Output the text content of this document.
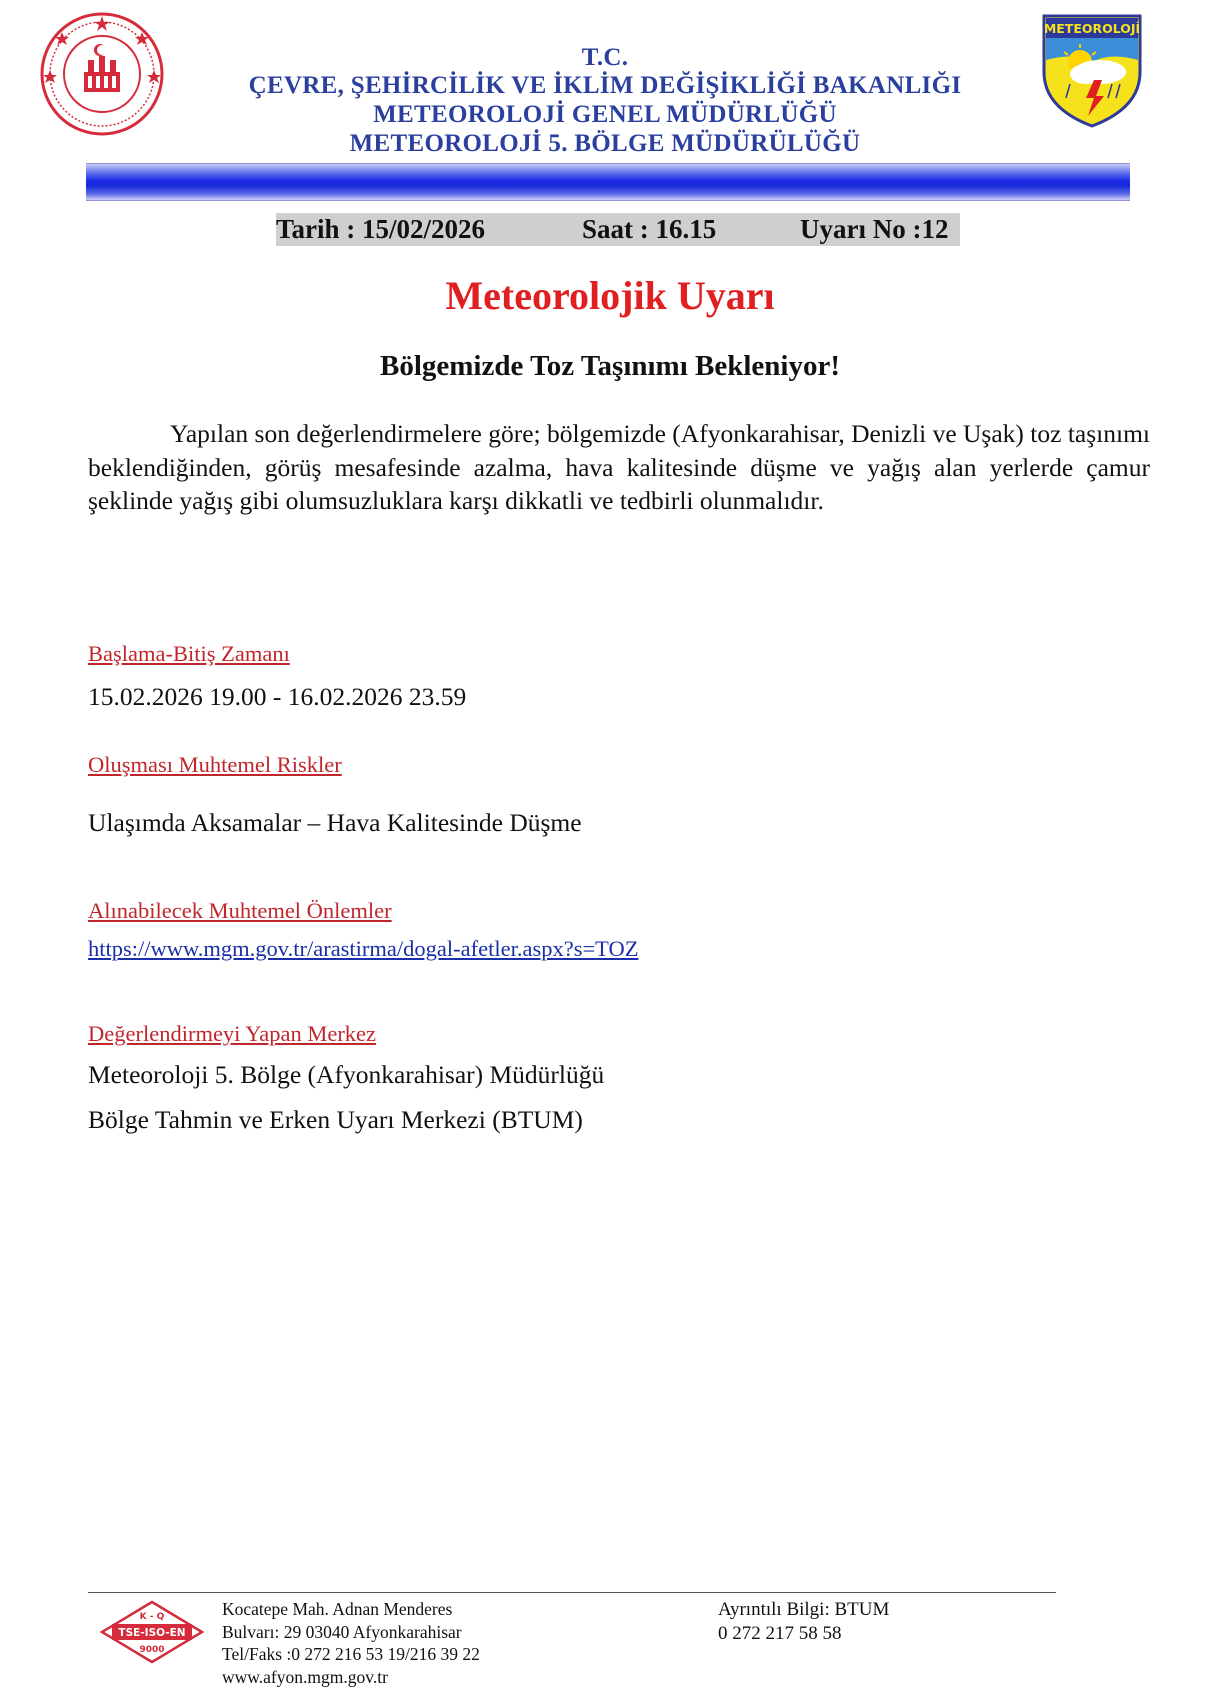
METEOROLOJİ
T.C.
ÇEVRE, ŞEHİRCİLİK VE İKLİM DEĞİŞİKLİĞİ BAKANLIĞI
METEOROLOJİ GENEL MÜDÜRLÜĞÜ
METEOROLOJİ 5. BÖLGE MÜDÜRÜLÜĞÜ
Tarih : 15/02/2026	Saat : 16.15	Uyarı No :12
Meteorolojik Uyarı
Bölgemizde Toz Taşınımı Bekleniyor!
Yapılan son değerlendirmelere göre; bölgemizde (Afyonkarahisar, Denizli ve Uşak) toz taşınımı beklendiğinden, görüş mesafesinde azalma, hava kalitesinde düşme ve yağış alan yerlerde çamur şeklinde yağış gibi olumsuzluklara karşı dikkatli ve tedbirli olunmalıdır.
Başlama-Bitiş Zamanı
15.02.2026 19.00 - 16.02.2026 23.59
Oluşması Muhtemel Riskler
Ulaşımda Aksamalar – Hava Kalitesinde Düşme
Alınabilecek Muhtemel Önlemler
https://www.mgm.gov.tr/arastirma/dogal-afetler.aspx?s=TOZ
Değerlendirmeyi Yapan Merkez
Meteoroloji 5. Bölge (Afyonkarahisar) Müdürlüğü
Bölge Tahmin ve Erken Uyarı Merkezi (BTUM)
K - Q
TSE-ISO-EN
9000
Kocatepe Mah. Adnan Menderes
Bulvarı: 29 03040 Afyonkarahisar
Tel/Faks :0 272 216 53 19/216 39 22
www.afyon.mgm.gov.tr
Ayrıntılı Bilgi: BTUM
0 272 217 58 58
